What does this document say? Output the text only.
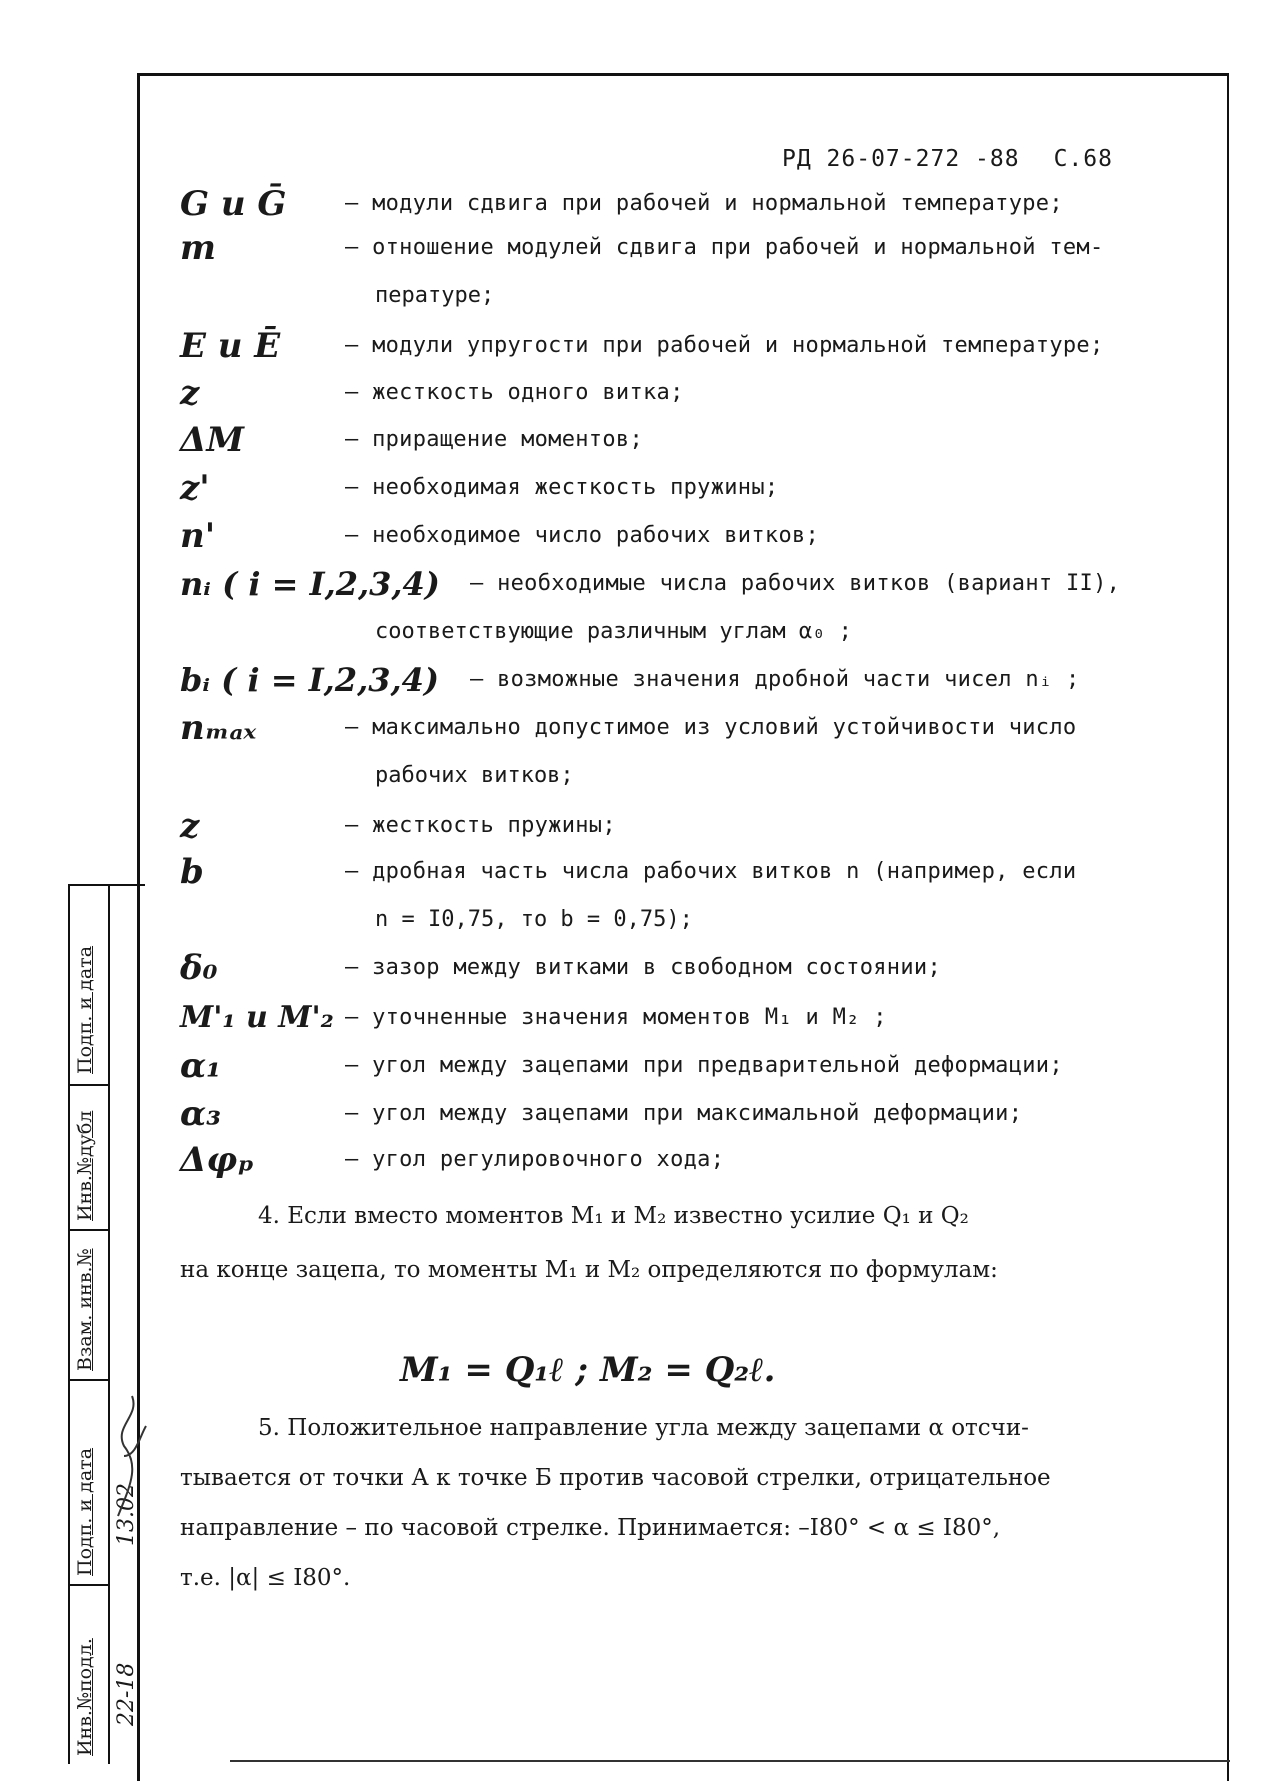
РД 26-07-272 -88 С.68
G и Ḡ	– модули сдвига при рабочей и нормальной температуре;
m	– отношение модулей сдвига при рабочей и нормальной тем-
пературе;
E и Ē	– модули упругости при рабочей и нормальной температуре;
z	– жесткость одного витка;
ΔM	– приращение моментов;
z'	– необходимая жесткость пружины;
n'	– необходимое число рабочих витков;
nᵢ ( i = I,2,3,4) – необходимые числа рабочих витков (вариант II),
соответствующие различным углам α₀ ;
bᵢ ( i = I,2,3,4) – возможные значения дробной части чисел nᵢ ;
nₘₐₓ	– максимально допустимое из условий устойчивости число
рабочих витков;
z	– жесткость пружины;
b	– дробная часть числа рабочих витков n (например, если
n = I0,75, то b = 0,75);
δ₀	– зазор между витками в свободном состоянии;
M'₁ и M'₂ – уточненные значения моментов M₁ и M₂ ;
α₁	– угол между зацепами при предварительной деформации;
α₃	– угол между зацепами при максимальной деформации;
Δφₚ	– угол регулировочного хода;
4. Если вместо моментов M₁ и M₂ известно усилие Q₁ и Q₂
на конце зацепа, то моменты M₁ и M₂ определяются по формулам:
M₁ = Q₁ℓ ; M₂ = Q₂ℓ.
5. Положительное направление угла между зацепами α отсчи-
тывается от точки А к точке Б против часовой стрелки, отрицательное
направление – по часовой стрелке. Принимается: –I80° < α ≤ I80°,
т.е. |α| ≤ I80°.
Подп. и дата
Инв.№дубл
Взам. инв.№
Подп. и дата
Инв.№подл.
13.02
22-18
